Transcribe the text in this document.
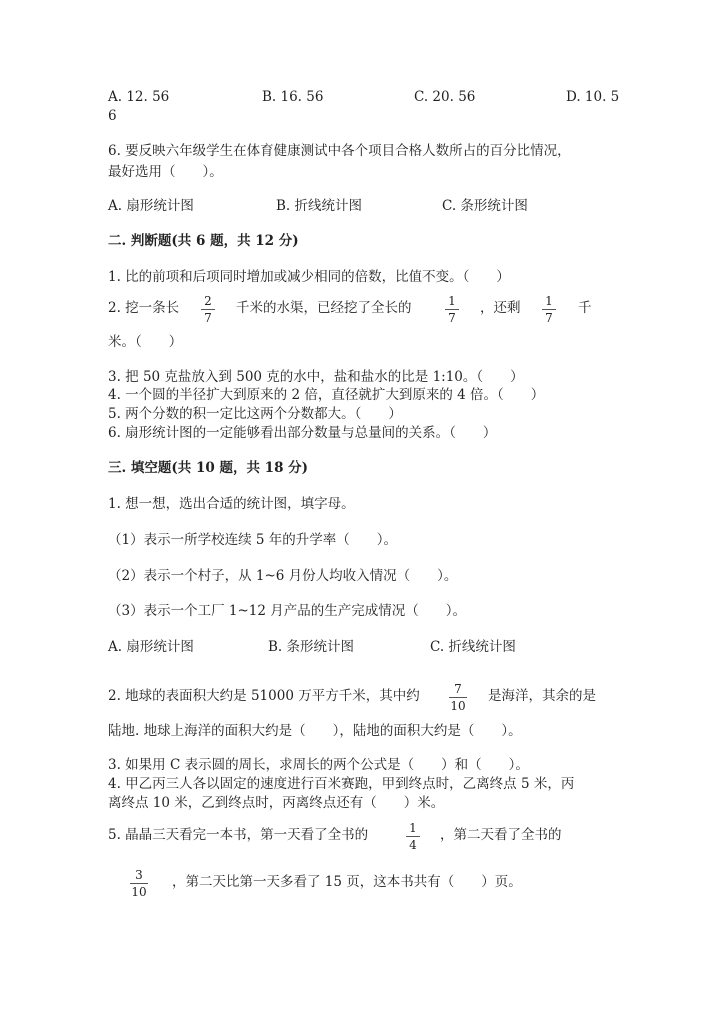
A. 12. 56	B. 16. 56	C. 20. 56	D. 10. 5
6
6. 要反映六年级学生在体育健康测试中各个项目合格人数所占的百分比情况，
最好选用（　　）。
A. 扇形统计图	B. 折线统计图	C. 条形统计图
二. 判断题(共 6 题，共 12 分)
1. 比的前项和后项同时增加或减少相同的倍数，比值不变。（　　）
2. 挖一条长 2
7
千米的水渠，已经挖了全长的	1
7
，还剩 1
7
千
米。（　　）
3. 把 50 克盐放入到 500 克的水中，盐和盐水的比是 1:10。（　　）
4. 一个圆的半径扩大到原来的 2 倍，直径就扩大到原来的 4 倍。（　　）
5. 两个分数的积一定比这两个分数都大。（　　）
6. 扇形统计图的一定能够看出部分数量与总量间的关系。（　　）
三. 填空题(共 10 题，共 18 分)
1. 想一想，选出合适的统计图，填字母。
（1）表示一所学校连续 5 年的升学率（　　）。
（2）表示一个村子，从 1~6 月份人均收入情况（　　）。
（3）表示一个工厂 1~12 月产品的生产完成情况（　　）。
A. 扇形统计图	B. 条形统计图	C. 折线统计图
2. 地球的表面积大约是 51000 万平方千米，其中约	7
10
是海洋，其余的是
陆地. 地球上海洋的面积大约是（　　），陆地的面积大约是（　　）。
3. 如果用 C 表示圆的周长，求周长的两个公式是（　　）和（　　）。
4. 甲乙丙三人各以固定的速度进行百米赛跑，甲到终点时，乙离终点 5 米，丙
离终点 10 米，乙到终点时，丙离终点还有（　　）米。
5. 晶晶三天看完一本书，第一天看了全书的	1
4
，第二天看了全书的
3
10
，第二天比第一天多看了 15 页，这本书共有（　　）页。
